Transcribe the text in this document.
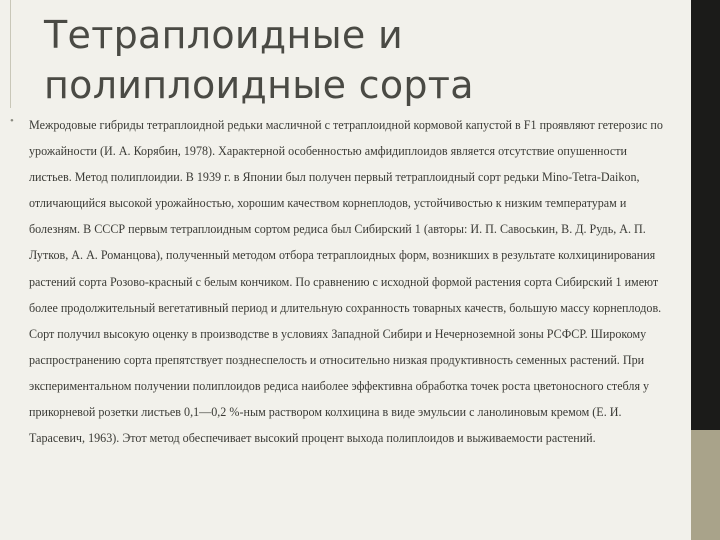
Тетраплоидные и полиплоидные сорта
•	Межродовые гибриды тетраплоидной редьки масличной с тетраплоидной кормовой капустой в F1 проявляют гетерозис по урожайности (И. А. Корябин, 1978). Характерной особенностью амфидиплоидов является отсутствие опушенности листьев. Метод полиплоидии. В 1939 г. в Японии был получен первый тетраплоидный сорт редьки Mino-Tetra-Daikon, отличающийся высокой урожайностью, хорошим качеством корнеплодов, устойчивостью к низким температурам и болезням. В СССР первым тетраплоидным сортом редиса был Сибирский 1 (авторы: И. П. Савоськин, В. Д. Рудь, А. П. Лутков, А. А. Романцова), полученный методом отбора тетраплоидных форм, возникших в результате колхицинирования растений сорта Розово-красный с белым кончиком. По сравнению с исходной формой растения сорта Сибирский 1 имеют более продолжительный вегетативный период и длительную сохранность товарных качеств, большую массу корнеплодов. Сорт получил высокую оценку в производстве в условиях Западной Сибири и Нечерноземной зоны РСФСР. Широкому распространению сорта препятствует позднеспелость и относительно низкая продуктивность семенных растений. При экспериментальном получении полиплоидов редиса наиболее эффективна обработка точек роста цветоносного стебля у прикорневой розетки листьев 0,1—0,2 %-ным раствором колхицина в виде эмульсии с ланолиновым кремом (Е. И. Тарасевич, 1963). Этот метод обеспечивает высокий процент выхода полиплоидов и выживаемости растений.
